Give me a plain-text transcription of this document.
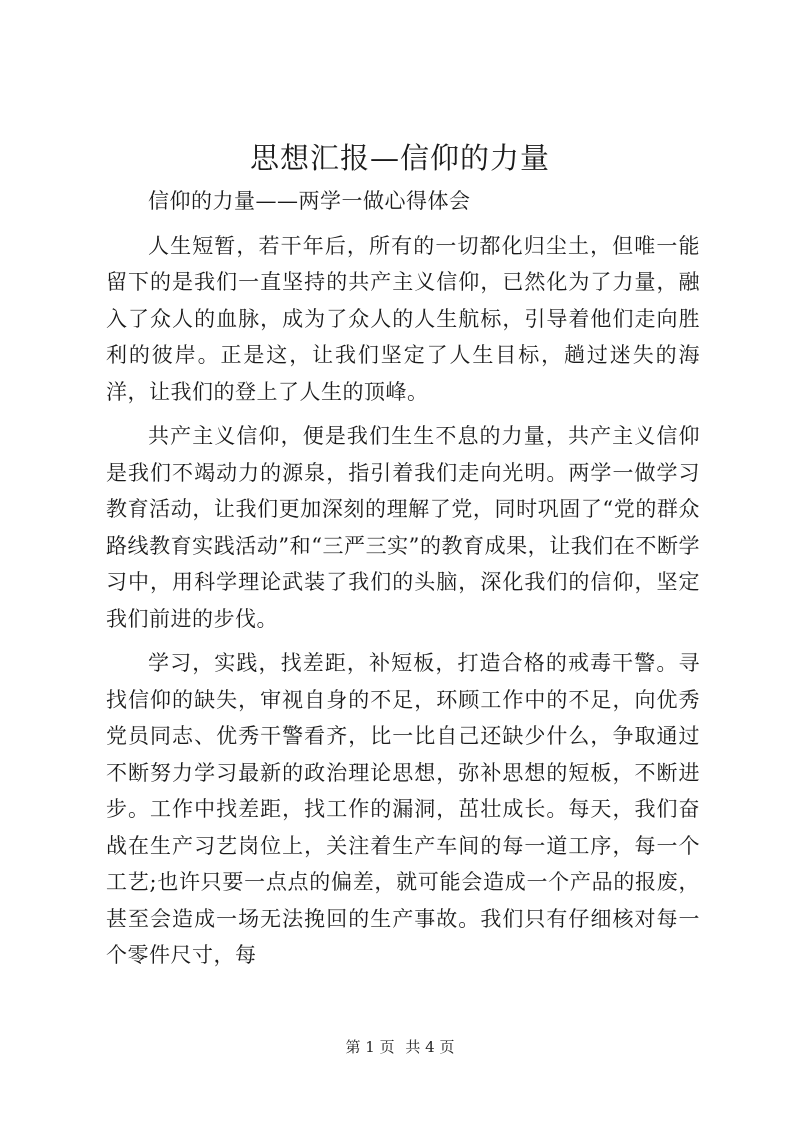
思想汇报—信仰的力量

信仰的力量——两学一做心得体会

人生短暂，若干年后，所有的一切都化归尘土，但唯一能留下的是我们一直坚持的共产主义信仰，已然化为了力量，融入了众人的血脉，成为了众人的人生航标，引导着他们走向胜利的彼岸。正是这，让我们坚定了人生目标，趟过迷失的海洋，让我们的登上了人生的顶峰。

共产主义信仰，便是我们生生不息的力量，共产主义信仰是我们不竭动力的源泉，指引着我们走向光明。两学一做学习教育活动，让我们更加深刻的理解了党，同时巩固了“党的群众路线教育实践活动”和“三严三实”的教育成果，让我们在不断学习中，用科学理论武装了我们的头脑，深化我们的信仰，坚定我们前进的步伐。

学习，实践，找差距，补短板，打造合格的戒毒干警。寻找信仰的缺失，审视自身的不足，环顾工作中的不足，向优秀党员同志、优秀干警看齐，比一比自己还缺少什么，争取通过不断努力学习最新的政治理论思想，弥补思想的短板，不断进步。工作中找差距，找工作的漏洞，茁壮成长。每天，我们奋战在生产习艺岗位上，关注着生产车间的每一道工序，每一个工艺;也许只要一点点的偏差，就可能会造成一个产品的报废，甚至会造成一场无法挽回的生产事故。我们只有仔细核对每一个零件尺寸，每

第 1 页 共 4 页
